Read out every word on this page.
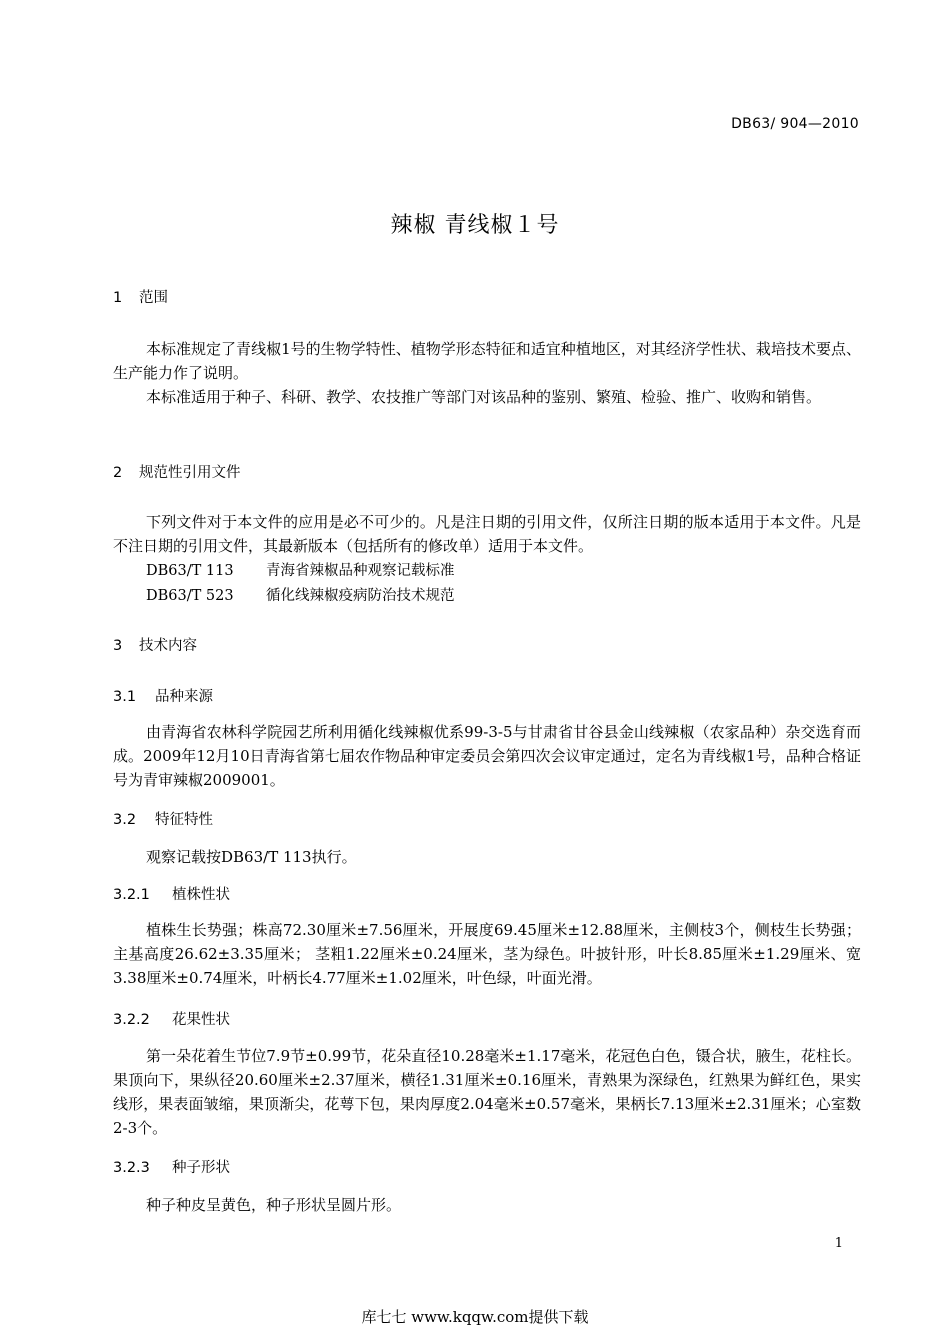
DB63/ 904—2010
辣椒 青线椒１号
1 范围
本标准规定了青线椒1号的生物学特性、植物学形态特征和适宜种植地区，对其经济学性状、栽培技术要点、生产能力作了说明。
本标准适用于种子、科研、教学、农技推广等部门对该品种的鉴别、繁殖、检验、推广、收购和销售。
2 规范性引用文件
下列文件对于本文件的应用是必不可少的。凡是注日期的引用文件，仅所注日期的版本适用于本文件。凡是不注日期的引用文件，其最新版本（包括所有的修改单）适用于本文件。
DB63/T 113 青海省辣椒品种观察记载标准
DB63/T 523 循化线辣椒疫病防治技术规范
3 技术内容
3.1 品种来源
由青海省农林科学院园艺所利用循化线辣椒优系99-3-5与甘肃省甘谷县金山线辣椒（农家品种）杂交选育而成。2009年12月10日青海省第七届农作物品种审定委员会第四次会议审定通过，定名为青线椒1号，品种合格证号为青审辣椒2009001。
3.2 特征特性
观察记载按DB63/T 113执行。
3.2.1 植株性状
植株生长势强；株高72.30厘米±7.56厘米，开展度69.45厘米±12.88厘米，主侧枝3个，侧枝生长势强；主基高度26.62±3.35厘米； 茎粗1.22厘米±0.24厘米，茎为绿色。叶披针形，叶长8.85厘米±1.29厘米、宽3.38厘米±0.74厘米，叶柄长4.77厘米±1.02厘米，叶色绿，叶面光滑。
3.2.2 花果性状
第一朵花着生节位7.9节±0.99节，花朵直径10.28毫米±1.17毫米，花冠色白色，镊合状，腋生，花柱长。果顶向下，果纵径20.60厘米±2.37厘米，横径1.31厘米±0.16厘米，青熟果为深绿色，红熟果为鲜红色，果实线形，果表面皱缩，果顶渐尖，花萼下包，果肉厚度2.04毫米±0.57毫米，果柄长7.13厘米±2.31厘米；心室数2-3个。
3.2.3 种子形状
种子种皮呈黄色，种子形状呈圆片形。
1
库七七 www.kqqw.com提供下载
